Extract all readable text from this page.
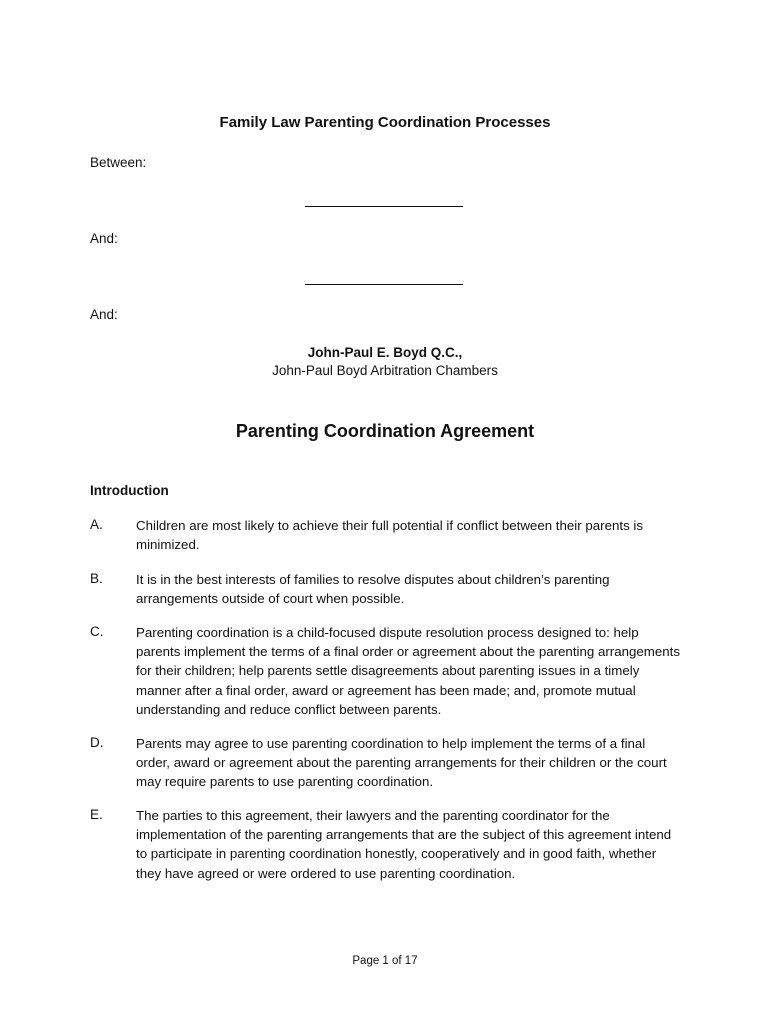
Family Law Parenting Coordination Processes
Between:
And:
And:
John-Paul E. Boyd Q.C.,
John-Paul Boyd Arbitration Chambers
Parenting Coordination Agreement
Introduction
A. Children are most likely to achieve their full potential if conflict between their parents is minimized.
B. It is in the best interests of families to resolve disputes about children’s parenting arrangements outside of court when possible.
C. Parenting coordination is a child-focused dispute resolution process designed to: help parents implement the terms of a final order or agreement about the parenting arrangements for their children; help parents settle disagreements about parenting issues in a timely manner after a final order, award or agreement has been made; and, promote mutual understanding and reduce conflict between parents.
D. Parents may agree to use parenting coordination to help implement the terms of a final order, award or agreement about the parenting arrangements for their children or the court may require parents to use parenting coordination.
E. The parties to this agreement, their lawyers and the parenting coordinator for the implementation of the parenting arrangements that are the subject of this agreement intend to participate in parenting coordination honestly, cooperatively and in good faith, whether they have agreed or were ordered to use parenting coordination.
Page 1 of 17
